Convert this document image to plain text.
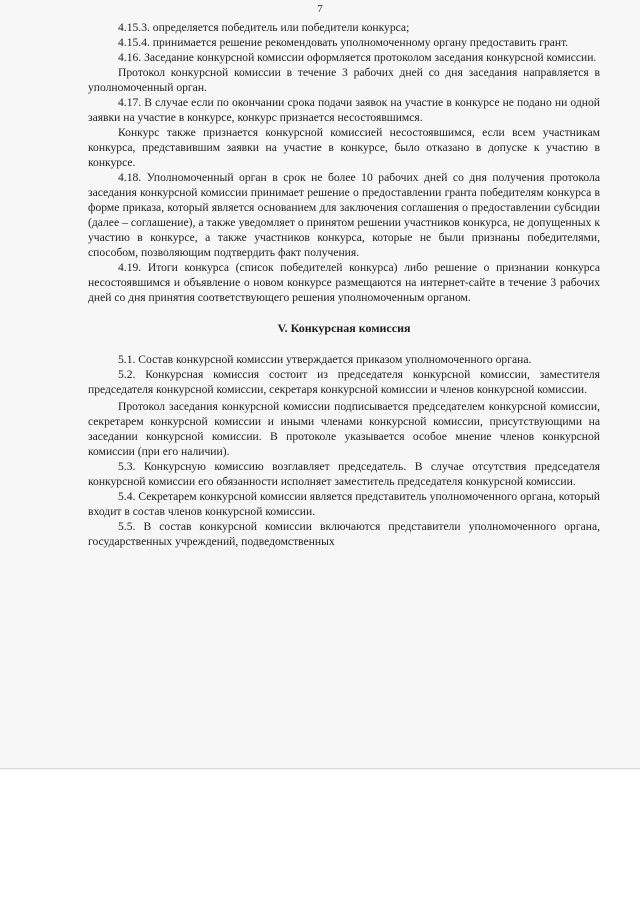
7

4.15.3. определяется победитель или победители конкурса;

4.15.4. принимается решение рекомендовать уполномоченному органу предоставить грант.

4.16. Заседание конкурсной комиссии оформляется протоколом заседания конкурсной комиссии.

Протокол конкурсной комиссии в течение 3 рабочих дней со дня заседания направляется в уполномоченный орган.

4.17. В случае если по окончании срока подачи заявок на участие в конкурсе не подано ни одной заявки на участие в конкурсе, конкурс признается несостоявшимся.

Конкурс также признается конкурсной комиссией несостоявшимся, если всем участникам конкурса, представившим заявки на участие в конкурсе, было отказано в допуске к участию в конкурсе.

4.18. Уполномоченный орган в срок не более 10 рабочих дней со дня получения протокола заседания конкурсной комиссии принимает решение о предоставлении гранта победителям конкурса в форме приказа, который является основанием для заключения соглашения о предоставлении субсидии (далее – соглашение), а также уведомляет о принятом решении участников конкурса, не допущенных к участию в конкурсе, а также участников конкурса, которые не были признаны победителями, способом, позволяющим подтвердить факт получения.

4.19. Итоги конкурса (список победителей конкурса) либо решение о признании конкурса несостоявшимся и объявление о новом конкурсе размещаются на интернет-сайте в течение 3 рабочих дней со дня принятия соответствующего решения уполномоченным органом.

V. Конкурсная комиссия

5.1. Состав конкурсной комиссии утверждается приказом уполномоченного органа.

5.2. Конкурсная комиссия состоит из председателя конкурсной комиссии, заместителя председателя конкурсной комиссии, секретаря конкурсной комиссии и членов конкурсной комиссии.

Протокол заседания конкурсной комиссии подписывается председателем конкурсной комиссии, секретарем конкурсной комиссии и иными членами конкурсной комиссии, присутствующими на заседании конкурсной комиссии. В протоколе указывается особое мнение членов конкурсной комиссии (при его наличии).

5.3. Конкурсную комиссию возглавляет председатель. В случае отсутствия председателя конкурсной комиссии его обязанности исполняет заместитель председателя конкурсной комиссии.

5.4. Секретарем конкурсной комиссии является представитель уполномоченного органа, который входит в состав членов конкурсной комиссии.

5.5. В состав конкурсной комиссии включаются представители уполномоченного органа, государственных учреждений, подведомственных
